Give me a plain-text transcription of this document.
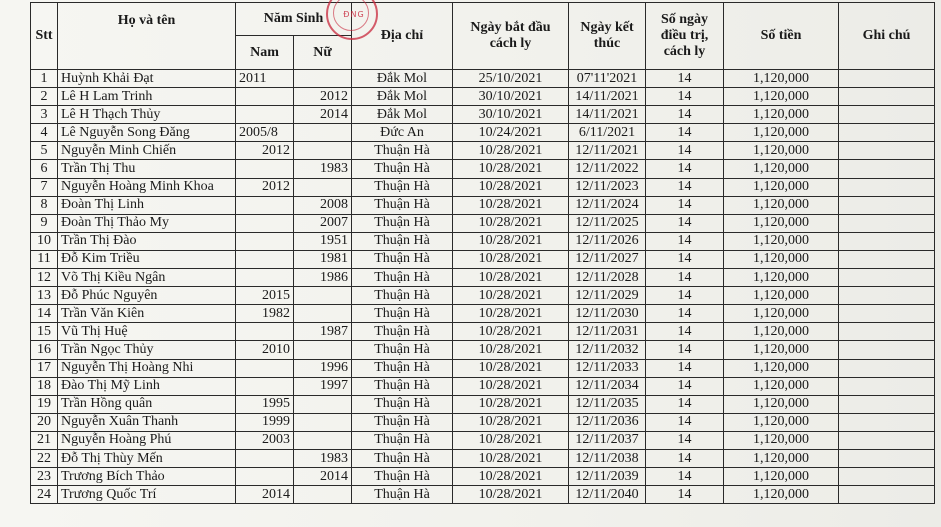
Stt	Họ và tên	Năm Sinh		Địa chỉ	Ngày bắt đầu cách ly	Ngày kết thúc	Số ngày điều trị, cách ly	Số tiền	Ghi chú
		Nam	Nữ						
1	Huỳnh Khải Đạt	2011		Đắk Mol	25/10/2021	07'11'2021	14	1,120,000	
2	Lê H Lam Trinh		2012	Đắk Mol	30/10/2021	14/11/2021	14	1,120,000	
3	Lê H Thạch Thủy		2014	Đắk Mol	30/10/2021	14/11/2021	14	1,120,000	
4	Lê Nguyễn Song Đăng	2005/8		Đức An	10/24/2021	6/11/2021	14	1,120,000	
5	Nguyễn Minh Chiến	2012		Thuận Hà	10/28/2021	12/11/2021	14	1,120,000	
6	Trần Thị Thu		1983	Thuận Hà	10/28/2021	12/11/2022	14	1,120,000	
7	Nguyễn Hoàng Minh Khoa	2012		Thuận Hà	10/28/2021	12/11/2023	14	1,120,000	
8	Đoàn Thị Linh		2008	Thuận Hà	10/28/2021	12/11/2024	14	1,120,000	
9	Đoàn Thị Thảo My		2007	Thuận Hà	10/28/2021	12/11/2025	14	1,120,000	
10	Trần Thị Đào		1951	Thuận Hà	10/28/2021	12/11/2026	14	1,120,000	
11	Đỗ Kim Triều		1981	Thuận Hà	10/28/2021	12/11/2027	14	1,120,000	
12	Võ Thị Kiều Ngân		1986	Thuận Hà	10/28/2021	12/11/2028	14	1,120,000	
13	Đỗ Phúc Nguyên	2015		Thuận Hà	10/28/2021	12/11/2029	14	1,120,000	
14	Trần Văn Kiên	1982		Thuận Hà	10/28/2021	12/11/2030	14	1,120,000	
15	Vũ Thị Huệ		1987	Thuận Hà	10/28/2021	12/11/2031	14	1,120,000	
16	Trần Ngọc Thủy	2010		Thuận Hà	10/28/2021	12/11/2032	14	1,120,000	
17	Nguyễn Thị Hoàng Nhi		1996	Thuận Hà	10/28/2021	12/11/2033	14	1,120,000	
18	Đào Thị Mỹ Linh		1997	Thuận Hà	10/28/2021	12/11/2034	14	1,120,000	
19	Trần Hồng quân	1995		Thuận Hà	10/28/2021	12/11/2035	14	1,120,000	
20	Nguyễn Xuân Thanh	1999		Thuận Hà	10/28/2021	12/11/2036	14	1,120,000	
21	Nguyễn Hoàng Phú	2003		Thuận Hà	10/28/2021	12/11/2037	14	1,120,000	
22	Đỗ Thị Thùy Mến		1983	Thuận Hà	10/28/2021	12/11/2038	14	1,120,000	
23	Trương Bích Thảo		2014	Thuận Hà	10/28/2021	12/11/2039	14	1,120,000	
24	Trương Quốc Trí	2014		Thuận Hà	10/28/2021	12/11/2040	14	1,120,000	
ĐNG
